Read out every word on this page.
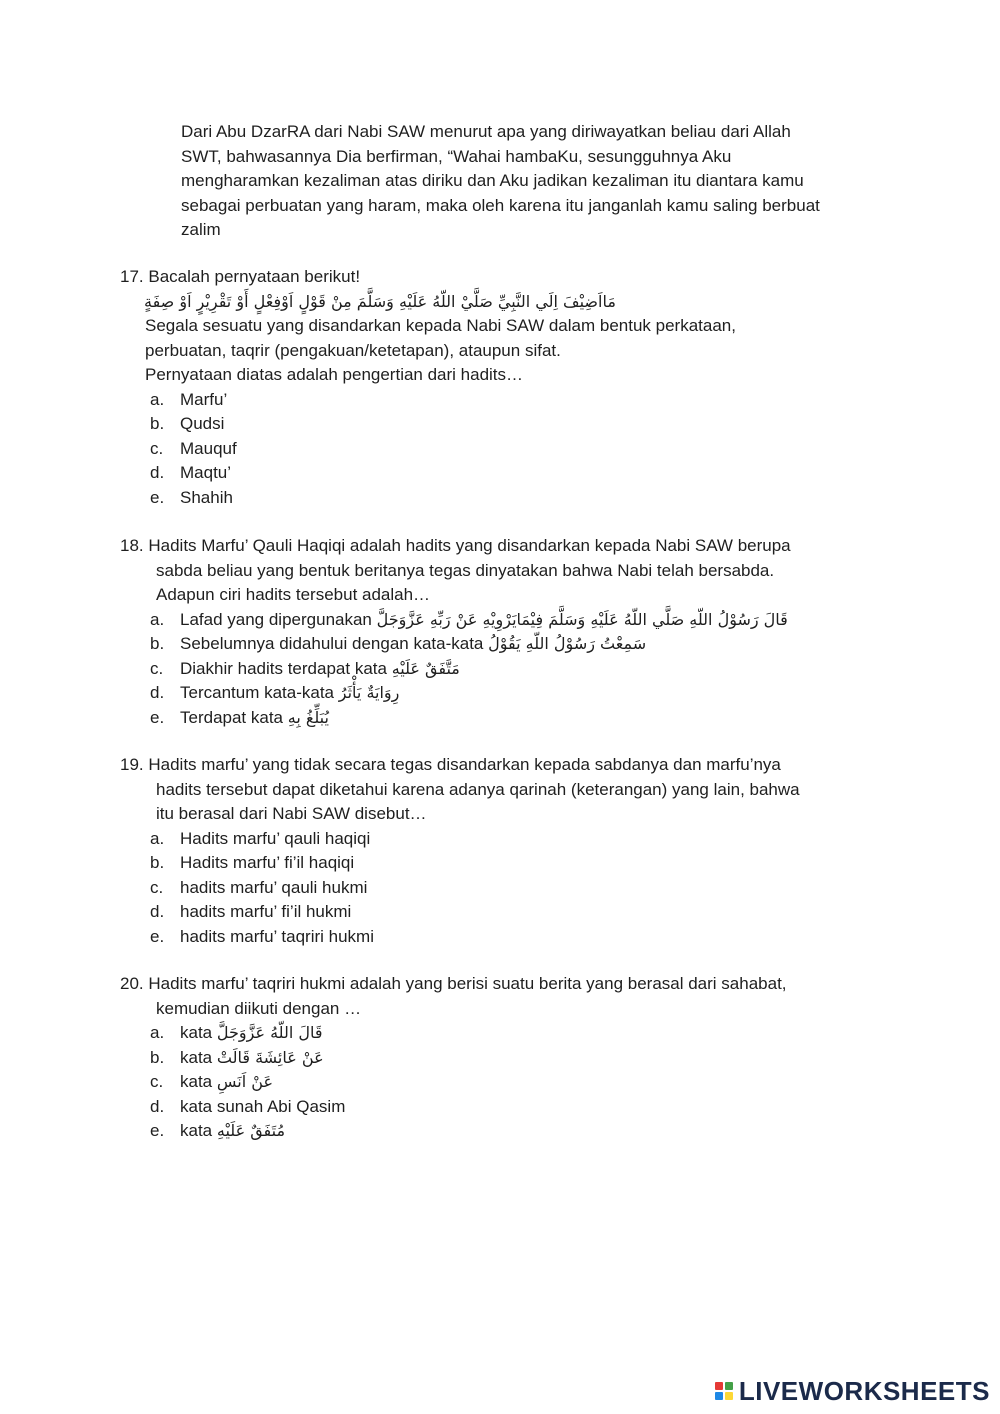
Dari Abu DzarRA dari Nabi SAW menurut apa yang diriwayatkan beliau dari Allah
SWT, bahwasannya Dia berfirman, “Wahai hambaKu, sesungguhnya Aku
mengharamkan kezaliman atas diriku dan Aku jadikan kezaliman itu diantara kamu
sebagai perbuatan yang haram, maka oleh karena itu janganlah kamu saling berbuat
zalim
17. Bacalah pernyataan berikut!
مَااَضِيْفَ اِلَي النَّبِيِّ صَلَّيْ اللّهُ عَلَيْهِ وَسَلَّمَ مِنْ قَوْلٍ اَوْفِعْلٍ أَوْ تَقْرِيْرٍ اَوْ صِفَةٍ
Segala sesuatu yang disandarkan kepada Nabi SAW dalam bentuk perkataan,
perbuatan, taqrir (pengakuan/ketetapan), ataupun sifat.
Pernyataan diatas adalah pengertian dari hadits…
a. Marfu’
b. Qudsi
c. Mauquf
d. Maqtu’
e. Shahih
18. Hadits Marfu’ Qauli Haqiqi adalah hadits yang disandarkan kepada Nabi SAW berupa
sabda beliau yang bentuk beritanya tegas dinyatakan bahwa Nabi telah bersabda.
Adapun ciri hadits tersebut adalah…
a. Lafad yang dipergunakan
قَالَ رَسُوْلُ اللّهِ صَلَّي اللّهُ عَلَيْهِ وَسَلَّمَ فِيْمَايَرْوِيْهِ عَنْ رَبِّهِ عَزَّوَجَلَّ
b. Sebelumnya didahului dengan kata-kata
سَمِعْتُ رَسُوْلُ اللّهِ يَقُوْلُ
c. Diakhir hadits terdapat kata
مَتَّفَقٌ عَلَيْهِ
d. Tercantum kata-kata
رِوَايَةٌ يَأْثَرُ
e. Terdapat kata
يُبَلِّغُ بِهِ
19. Hadits marfu’ yang tidak secara tegas disandarkan kepada sabdanya dan marfu’nya
hadits tersebut dapat diketahui karena adanya qarinah (keterangan) yang lain, bahwa
itu berasal dari Nabi SAW disebut…
a. Hadits marfu’ qauli haqiqi
b. Hadits marfu’ fi’il haqiqi
c. hadits marfu’ qauli hukmi
d. hadits marfu’ fi’il hukmi
e. hadits marfu’ taqriri hukmi
20. Hadits marfu’ taqriri hukmi adalah yang berisi suatu berita yang berasal dari sahabat,
kemudian diikuti dengan …
a. kata
قَالَ اللّهُ عَزَّوَجَلَّ
b. kata
عَنْ عَائِشَةَ قَالَتْ
c. kata
عَنْ اَنَسِ
d. kata sunah Abi Qasim
e. kata
مُتَفَقٌ عَلَيْهِ
LIVEWORKSHEETS
